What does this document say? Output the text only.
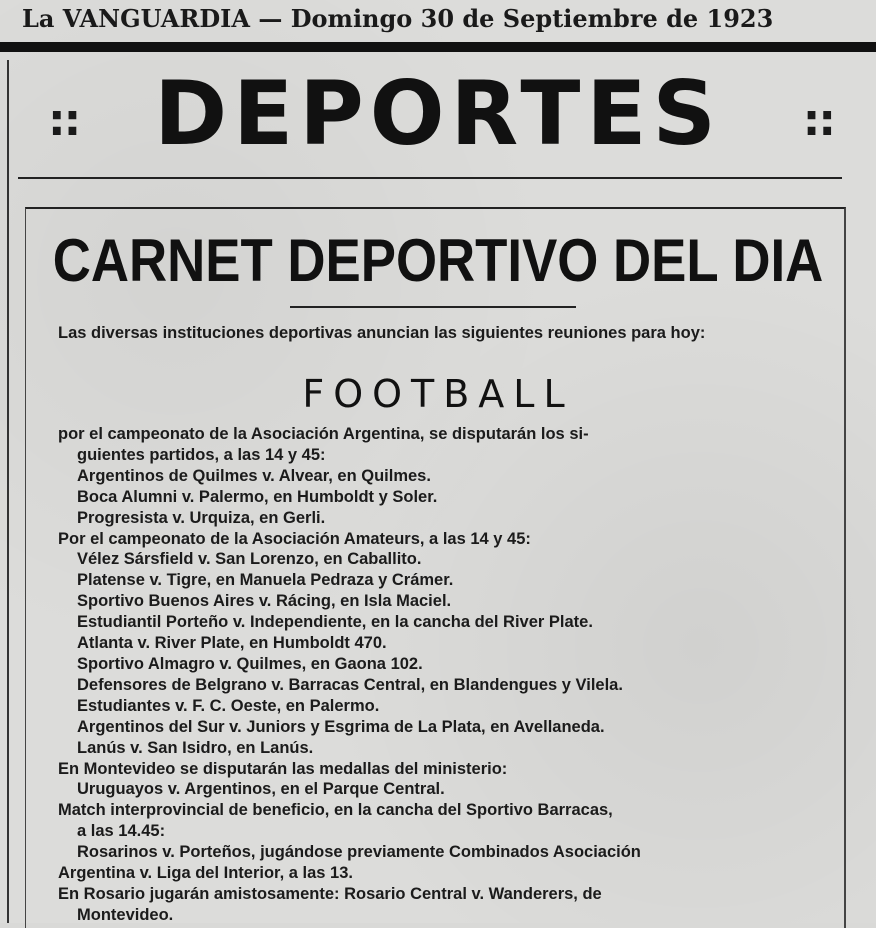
La VANGUARDIA — Domingo 30 de Septiembre de 1923
:: DEPORTES	::
CARNET DEPORTIVO DEL DIA
Las diversas instituciones deportivas anuncian las siguientes reuniones para hoy:
FOOTBALL
por el campeonato de la Asociación Argentina, se disputarán los si-
guientes partidos, a las 14 y 45:
Argentinos de Quilmes v. Alvear, en Quilmes.
Boca Alumni v. Palermo, en Humboldt y Soler.
Progresista v. Urquiza, en Gerli.
Por el campeonato de la Asociación Amateurs, a las 14 y 45:
Vélez Sársfield v. San Lorenzo, en Caballito.
Platense v. Tigre, en Manuela Pedraza y Crámer.
Sportivo Buenos Aires v. Rácing, en Isla Maciel.
Estudiantil Porteño v. Independiente, en la cancha del River Plate.
Atlanta v. River Plate, en Humboldt 470.
Sportivo Almagro v. Quilmes, en Gaona 102.
Defensores de Belgrano v. Barracas Central, en Blandengues y Vilela.
Estudiantes v. F. C. Oeste, en Palermo.
Argentinos del Sur v. Juniors y Esgrima de La Plata, en Avellaneda.
Lanús v. San Isidro, en Lanús.
En Montevideo se disputarán las medallas del ministerio:
Uruguayos v. Argentinos, en el Parque Central.
Match interprovincial de beneficio, en la cancha del Sportivo Barracas,
a las 14.45:
Rosarinos v. Porteños, jugándose previamente Combinados Asociación
Argentina v. Liga del Interior, a las 13.
En Rosario jugarán amistosamente: Rosario Central v. Wanderers, de
Montevideo.
